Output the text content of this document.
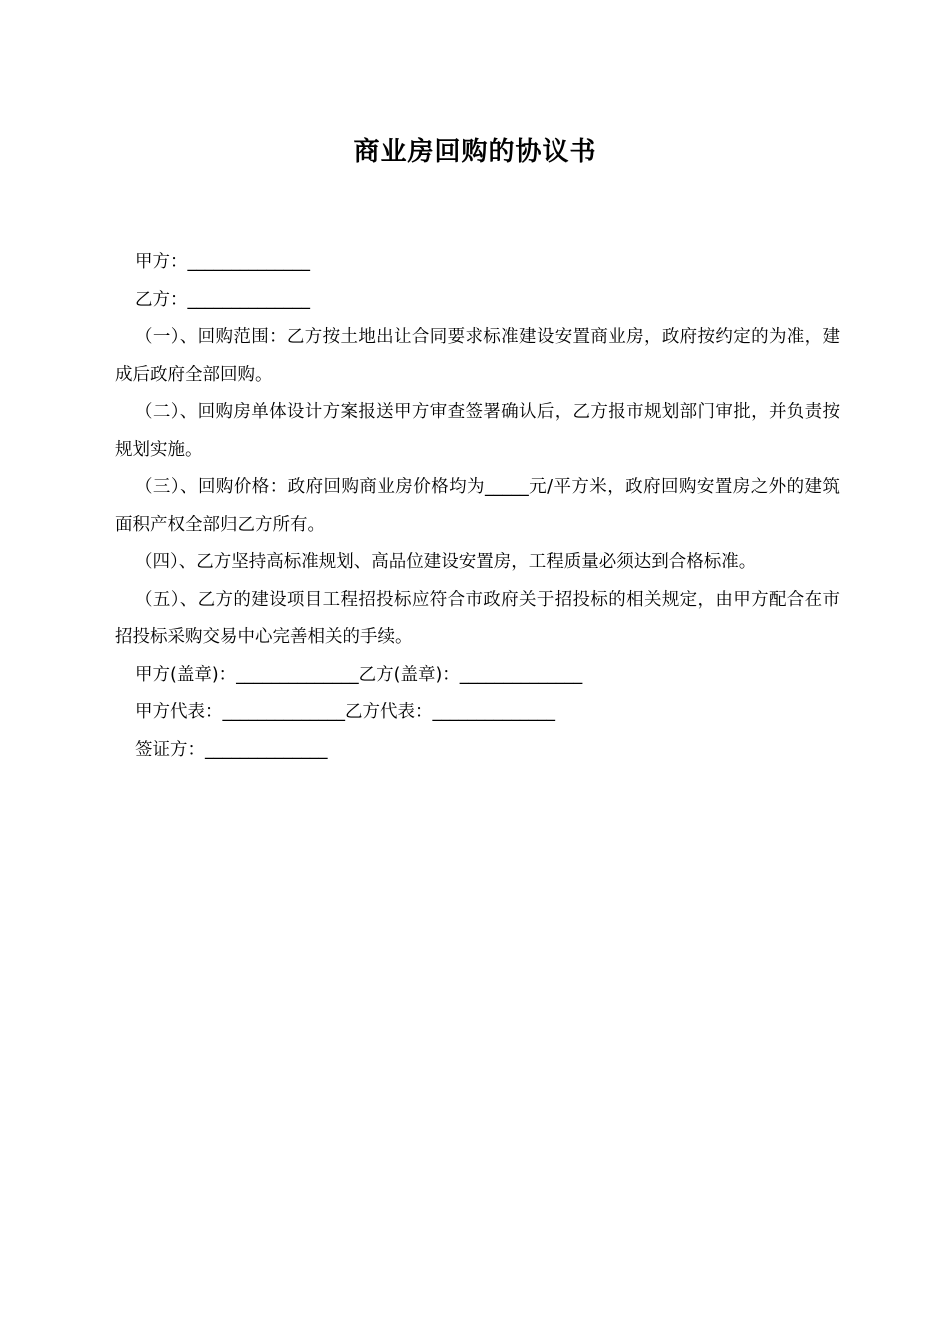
商业房回购的协议书

甲方：______________

乙方：______________

（一）、回购范围：乙方按土地出让合同要求标准建设安置商业房，政府按约定的为准，建成后政府全部回购。

（二）、回购房单体设计方案报送甲方审查签署确认后，乙方报市规划部门审批，并负责按规划实施。

（三）、回购价格：政府回购商业房价格均为_____元/平方米，政府回购安置房之外的建筑面积产权全部归乙方所有。

（四）、乙方坚持高标准规划、高品位建设安置房，工程质量必须达到合格标准。

（五）、乙方的建设项目工程招投标应符合市政府关于招投标的相关规定，由甲方配合在市招投标采购交易中心完善相关的手续。

甲方(盖章)：______________乙方(盖章)：______________

甲方代表：______________乙方代表：______________

签证方：______________
